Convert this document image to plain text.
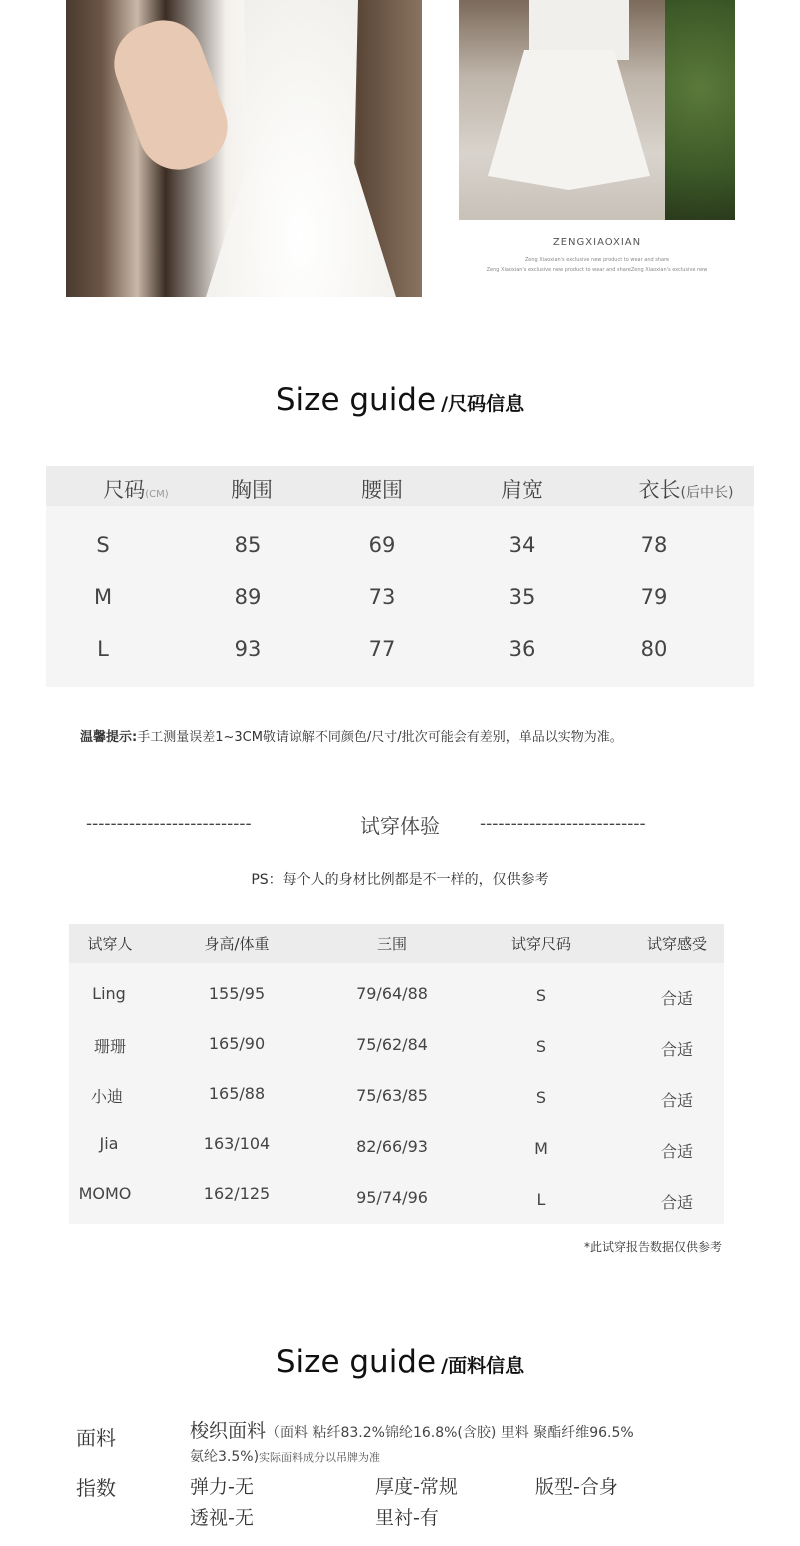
ZENGXIAOXIAN
Zeng Xiaoxian's exclusive new product to wear and share
Zeng Xiaoxian's exclusive new product to wear and shareZeng Xiaoxian's exclusive new
Size guide /尺码信息
尺码(CM)	胸围	腰围	肩宽	衣长(后中长)
S	85	69	34	78
M	89	73	35	79
L	93	77	36	80
温馨提示:手工测量误差1~3CM敬请谅解不同颜色/尺寸/批次可能会有差别，单品以实物为准。
---------------------------	试穿体验	---------------------------
PS：每个人的身材比例都是不一样的，仅供参考
试穿人	身高/体重	三围	试穿尺码	试穿感受
Ling	155/95	79/64/88	S	合适
珊珊	165/90	75/62/84	S	合适
小迪	165/88	75/63/85	S	合适
Jia	163/104	82/66/93	M	合适
MOMO	162/125	95/74/96	L	合适
*此试穿报告数据仅供参考
Size guide /面料信息
面料	梭织面料（面料 粘纤83.2%锦纶16.8%(含胶) 里料 聚酯纤维96.5%
氨纶3.5%)实际面料成分以吊牌为准
指数	弹力-无	厚度-常规	版型-合身
透视-无	里衬-有
